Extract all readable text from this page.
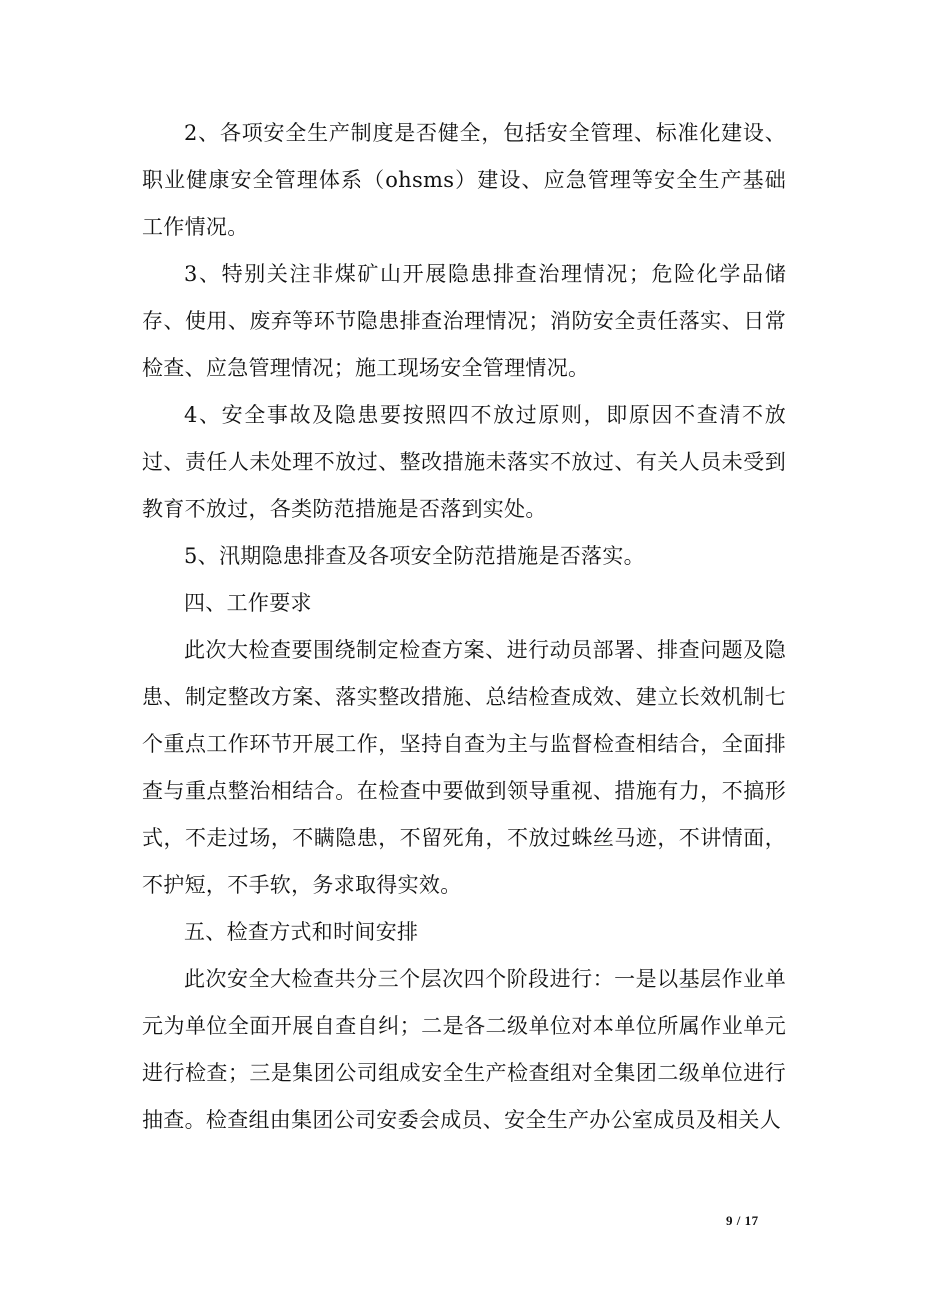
2、各项安全生产制度是否健全，包括安全管理、标准化建设、职业健康安全管理体系（ohsms）建设、应急管理等安全生产基础工作情况。

3、特别关注非煤矿山开展隐患排查治理情况；危险化学品储存、使用、废弃等环节隐患排查治理情况；消防安全责任落实、日常检查、应急管理情况；施工现场安全管理情况。

4、安全事故及隐患要按照四不放过原则，即原因不查清不放过、责任人未处理不放过、整改措施未落实不放过、有关人员未受到教育不放过，各类防范措施是否落到实处。

5、汛期隐患排查及各项安全防范措施是否落实。

四、工作要求

此次大检查要围绕制定检查方案、进行动员部署、排查问题及隐患、制定整改方案、落实整改措施、总结检查成效、建立长效机制七个重点工作环节开展工作，坚持自查为主与监督检查相结合，全面排查与重点整治相结合。在检查中要做到领导重视、措施有力，不搞形式，不走过场，不瞒隐患，不留死角，不放过蛛丝马迹，不讲情面，不护短，不手软，务求取得实效。

五、检查方式和时间安排

此次安全大检查共分三个层次四个阶段进行：一是以基层作业单元为单位全面开展自查自纠；二是各二级单位对本单位所属作业单元进行检查；三是集团公司组成安全生产检查组对全集团二级单位进行抽查。检查组由集团公司安委会成员、安全生产办公室成员及相关人

9 / 17
